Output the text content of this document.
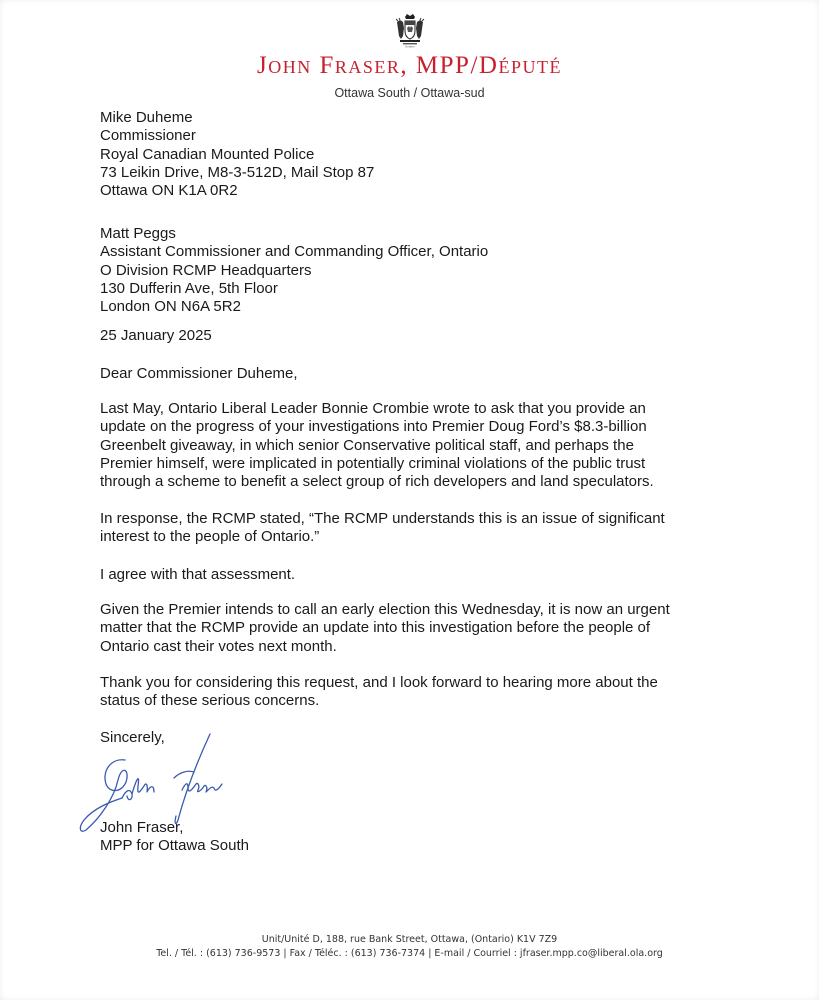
Ontario
John Fraser, MPP/Député
Ottawa South / Ottawa-sud
Mike Duheme
Commissioner
Royal Canadian Mounted Police
73 Leikin Drive, M8-3-512D, Mail Stop 87
Ottawa ON K1A 0R2
Matt Peggs
Assistant Commissioner and Commanding Officer, Ontario
O Division RCMP Headquarters
130 Dufferin Ave, 5th Floor
London ON N6A 5R2
25 January 2025
Dear Commissioner Duheme,
Last May, Ontario Liberal Leader Bonnie Crombie wrote to ask that you provide an
update on the progress of your investigations into Premier Doug Ford’s $8.3-billion
Greenbelt giveaway, in which senior Conservative political staff, and perhaps the
Premier himself, were implicated in potentially criminal violations of the public trust
through a scheme to benefit a select group of rich developers and land speculators.
In response, the RCMP stated, “The RCMP understands this is an issue of significant
interest to the people of Ontario.”
I agree with that assessment.
Given the Premier intends to call an early election this Wednesday, it is now an urgent
matter that the RCMP provide an update into this investigation before the people of
Ontario cast their votes next month.
Thank you for considering this request, and I look forward to hearing more about the
status of these serious concerns.
Sincerely,
John Fraser,
MPP for Ottawa South
Unit/Unité D, 188, rue Bank Street, Ottawa, (Ontario) K1V 7Z9
Tel. / Tél. : (613) 736-9573 | Fax / Téléc. : (613) 736-7374 | E-mail / Courriel : jfraser.mpp.co@liberal.ola.org
